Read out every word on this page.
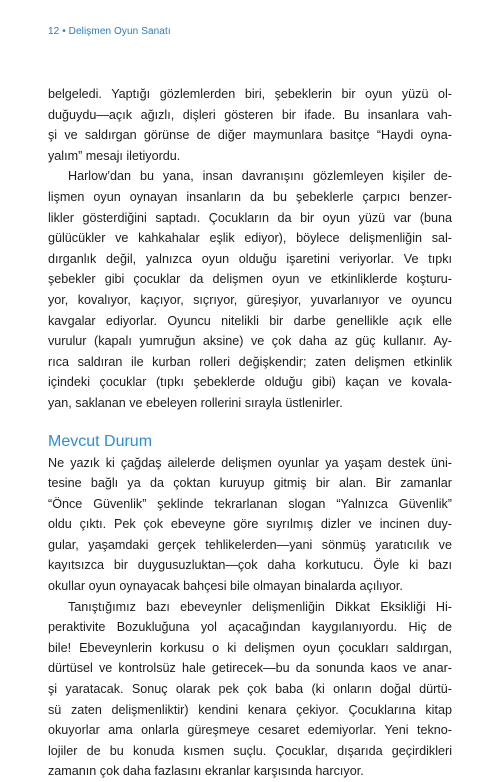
12 • Delişmen Oyun Sanatı
belgeledi. Yaptığı gözlemlerden biri, şebeklerin bir oyun yüzü ol-
duğuydu—açık ağızlı, dişleri gösteren bir ifade. Bu insanlara vah-
şi ve saldırgan görünse de diğer maymunlara basitçe “Haydi oyna-
yalım” mesajı iletiyordu.
Harlow’dan bu yana, insan davranışını gözlemleyen kişiler de-
lişmen oyun oynayan insanların da bu şebeklerle çarpıcı benzer-
likler gösterdiğini saptadı. Çocukların da bir oyun yüzü var (buna
gülücükler ve kahkahalar eşlik ediyor), böylece delişmenliğin sal-
dırganlık değil, yalnızca oyun olduğu işaretini veriyorlar. Ve tıpkı
şebekler gibi çocuklar da delişmen oyun ve etkinliklerde koşturu-
yor, kovalıyor, kaçıyor, sıçrıyor, güreşiyor, yuvarlanıyor ve oyuncu
kavgalar ediyorlar. Oyuncu nitelikli bir darbe genellikle açık elle
vurulur (kapalı yumruğun aksine) ve çok daha az güç kullanır. Ay-
rıca saldıran ile kurban rolleri değişkendir; zaten delişmen etkinlik
içindeki çocuklar (tıpkı şebeklerde olduğu gibi) kaçan ve kovala-
yan, saklanan ve ebeleyen rollerini sırayla üstlenirler.
Mevcut Durum
Ne yazık ki çağdaş ailelerde delişmen oyunlar ya yaşam destek üni-
tesine bağlı ya da çoktan kuruyup gitmiş bir alan. Bir zamanlar
“Önce Güvenlik” şeklinde tekrarlanan slogan “Yalnızca Güvenlik”
oldu çıktı. Pek çok ebeveyne göre sıyrılmış dizler ve incinen duy-
gular, yaşamdaki gerçek tehlikelerden—yani sönmüş yaratıcılık ve
kayıtsızca bir duygusuzluktan—çok daha korkutucu. Öyle ki bazı
okullar oyun oynayacak bahçesi bile olmayan binalarda açılıyor.
Tanıştığımız bazı ebeveynler delişmenliğin Dikkat Eksikliği Hi-
peraktivite Bozukluğuna yol açacağından kaygılanıyordu. Hiç de
bile! Ebeveynlerin korkusu o ki delişmen oyun çocukları saldırgan,
dürtüsel ve kontrolsüz hale getirecek—bu da sonunda kaos ve anar-
şi yaratacak. Sonuç olarak pek çok baba (ki onların doğal dürtü-
sü zaten delişmenliktir) kendini kenara çekiyor. Çocuklarına kitap
okuyorlar ama onlarla güreşmeye cesaret edemiyorlar. Yeni tekno-
lojiler de bu konuda kısmen suçlu. Çocuklar, dışarıda geçirdikleri
zamanın çok daha fazlasını ekranlar karşısında harcıyor.
